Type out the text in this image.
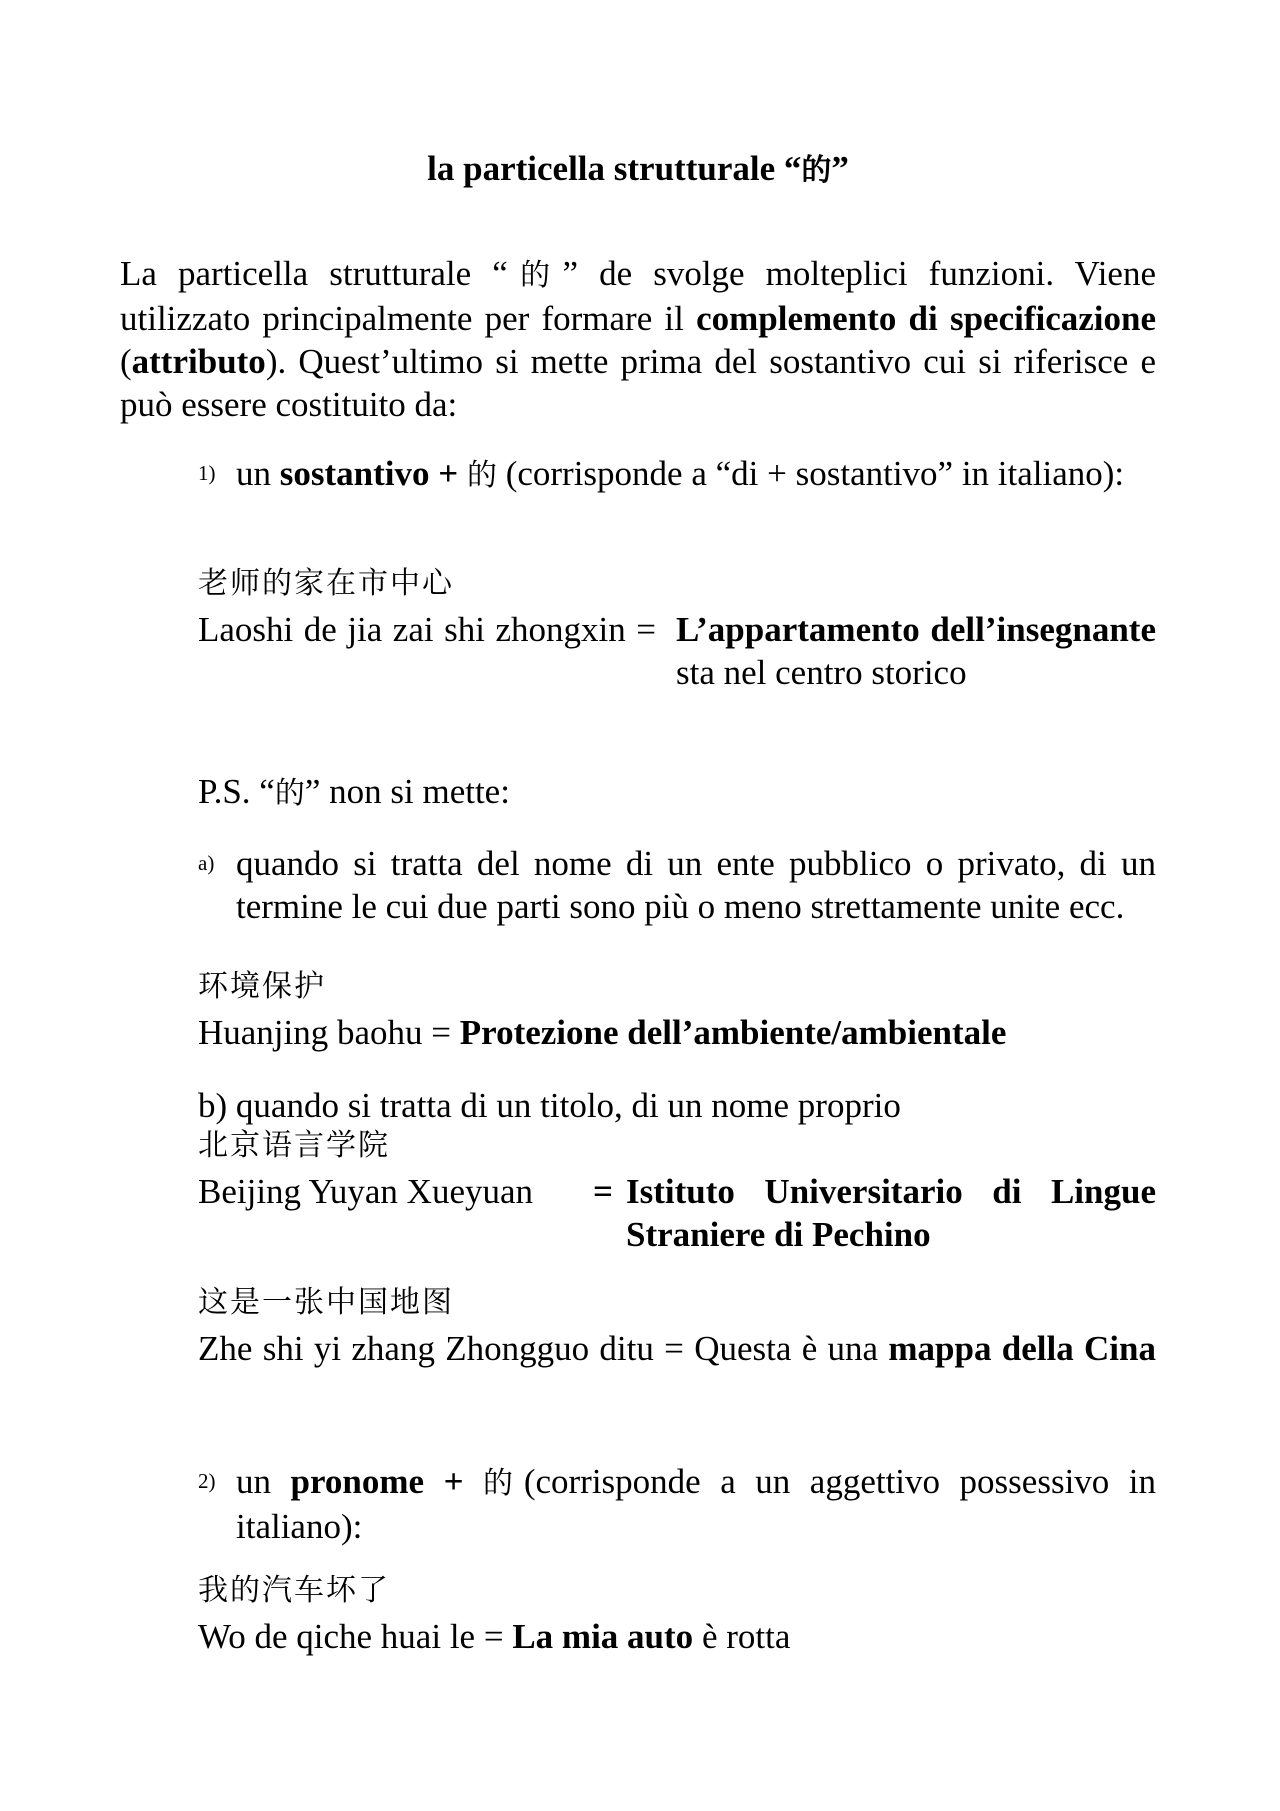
la particella strutturale “的”

La particella strutturale “的” de svolge molteplici funzioni. Viene utilizzato principalmente per formare il complemento di specificazione (attributo). Quest’ultimo si mette prima del sostantivo cui si riferisce e può essere costituito da:

1) un sostantivo + 的 (corrisponde a “di + sostantivo” in italiano):
老师的家在市中心
Laoshi de jia zai shi zhongxin = L’appartamento dell’insegnante sta nel centro storico
P.S. “的” non si mette:
a) quando si tratta del nome di un ente pubblico o privato, di un termine le cui due parti sono più o meno strettamente unite ecc.
环境保护
Huanjing baohu = Protezione dell’ambiente/ambientale
b) quando si tratta di un titolo, di un nome proprio
北京语言学院
Beijing Yuyan Xueyuan = Istituto Universitario di Lingue Straniere di Pechino
这是一张中国地图
Zhe shi yi zhang Zhongguo ditu = Questa è una mappa della Cina
2) un pronome + 的(corrisponde a un aggettivo possessivo in italiano):
我的汽车坏了
Wo de qiche huai le = La mia auto è rotta
